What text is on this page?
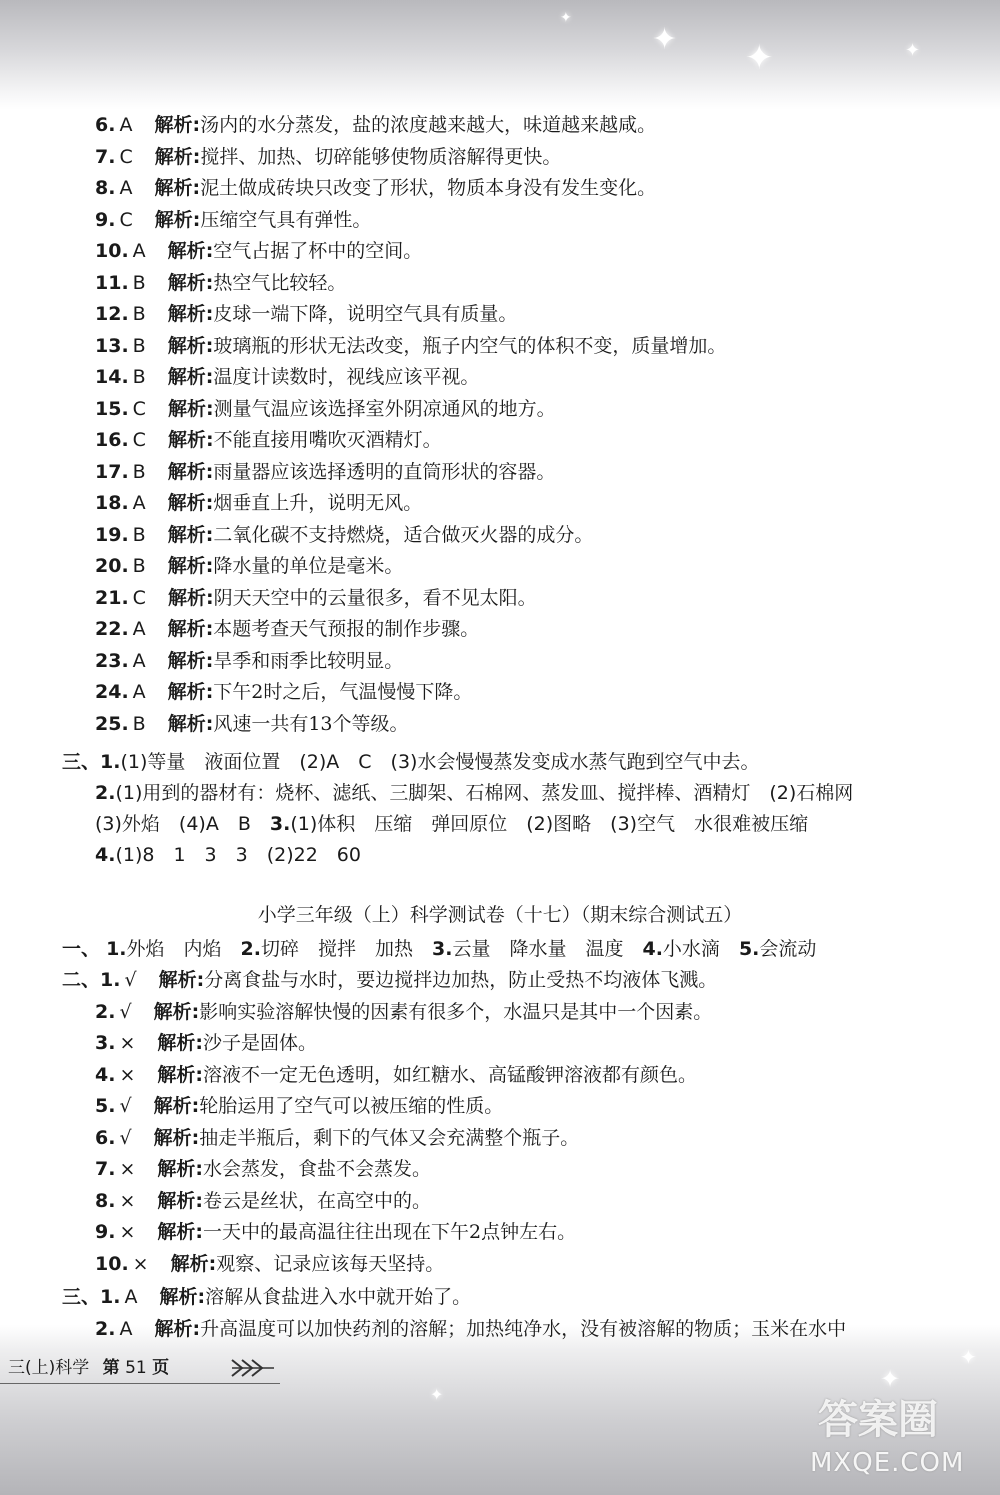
✦ ✦	✦
✦
✦
✦
✦
6. A 解析:汤内的水分蒸发，盐的浓度越来越大，味道越来越咸。
7. C 解析:搅拌、加热、切碎能够使物质溶解得更快。
8. A 解析:泥土做成砖块只改变了形状，物质本身没有发生变化。
9. C 解析:压缩空气具有弹性。
10. A 解析:空气占据了杯中的空间。
11. B 解析:热空气比较轻。
12. B 解析:皮球一端下降，说明空气具有质量。
13. B 解析:玻璃瓶的形状无法改变，瓶子内空气的体积不变，质量增加。
14. B 解析:温度计读数时，视线应该平视。
15. C 解析:测量气温应该选择室外阴凉通风的地方。
16. C 解析:不能直接用嘴吹灭酒精灯。
17. B 解析:雨量器应该选择透明的直筒形状的容器。
18. A 解析:烟垂直上升，说明无风。
19. B 解析:二氧化碳不支持燃烧，适合做灭火器的成分。
20. B 解析:降水量的单位是毫米。
21. C 解析:阴天天空中的云量很多，看不见太阳。
22. A 解析:本题考查天气预报的制作步骤。
23. A 解析:旱季和雨季比较明显。
24. A 解析:下午2时之后，气温慢慢下降。
25. B 解析:风速一共有13个等级。
三、1.(1)等量　液面位置　(2)A　C　(3)水会慢慢蒸发变成水蒸气跑到空气中去。
2.(1)用到的器材有：烧杯、滤纸、三脚架、石棉网、蒸发皿、搅拌棒、酒精灯　(2)石棉网
(3)外焰　(4)A　B　3.(1)体积　压缩　弹回原位　(2)图略　(3)空气　水很难被压缩
4.(1)8　1　3　3　(2)22　60
小学三年级（上）科学测试卷（十七）（期末综合测试五）
一、 1.外焰　内焰　2.切碎　搅拌　加热　3.云量　降水量　温度　4.小水滴　5.会流动
二、1. √ 解析:分离食盐与水时，要边搅拌边加热，防止受热不均液体飞溅。
2. √ 解析:影响实验溶解快慢的因素有很多个，水温只是其中一个因素。
3. × 解析:沙子是固体。
4. × 解析:溶液不一定无色透明，如红糖水、高锰酸钾溶液都有颜色。
5. √ 解析:轮胎运用了空气可以被压缩的性质。
6. √ 解析:抽走半瓶后，剩下的气体又会充满整个瓶子。
7. × 解析:水会蒸发，食盐不会蒸发。
8. × 解析:卷云是丝状，在高空中的。
9. × 解析:一天中的最高温往往出现在下午2点钟左右。
10. × 解析:观察、记录应该每天坚持。
三、1. A 解析:溶解从食盐进入水中就开始了。
2. A 解析:升高温度可以加快药剂的溶解；加热纯净水，没有被溶解的物质；玉米在水中
三(上)科学 第 51 页
答案圈
MXQE.COM
